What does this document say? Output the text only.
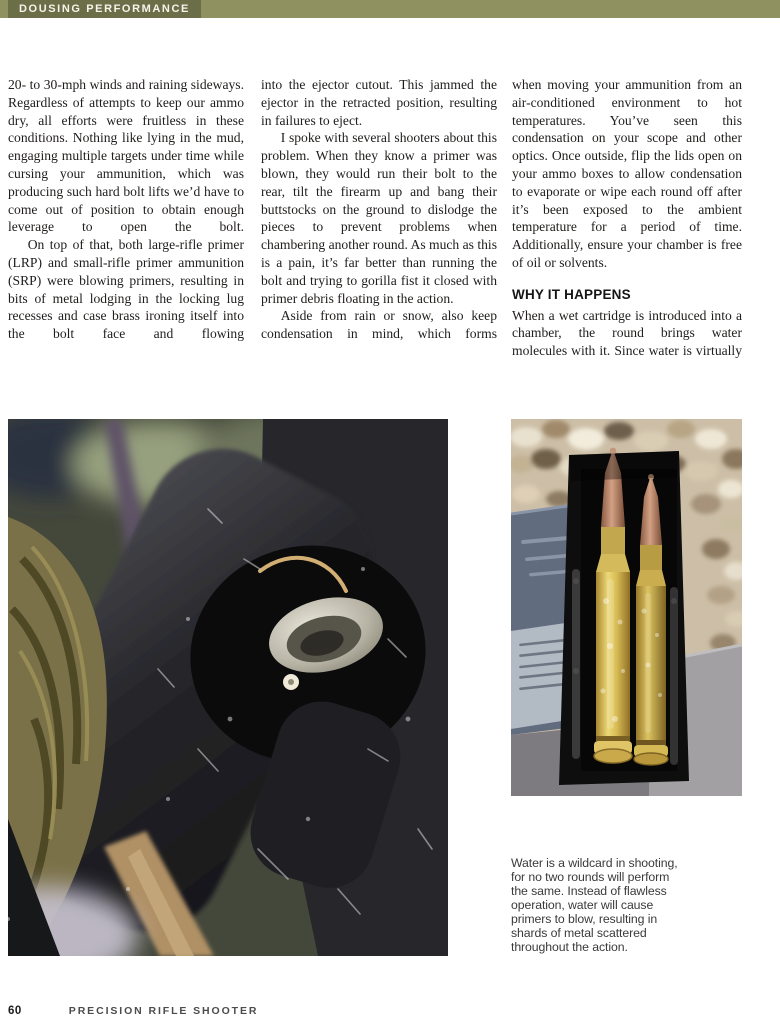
DOUSING PERFORMANCE

20- to 30-mph winds and raining sideways. Regardless of attempts to keep our ammo dry, all efforts were fruitless in these conditions. Nothing like lying in the mud, engaging multiple targets under time while cursing your ammunition, which was producing such hard bolt lifts we’d have to come out of position to obtain enough leverage to open the bolt.

On top of that, both large-rifle primer (LRP) and small-rifle primer ammunition (SRP) were blowing primers, resulting in bits of metal lodging in the locking lug recesses and case brass ironing itself into the bolt face and flowing

into the ejector cutout. This jammed the ejector in the retracted position, resulting in failures to eject.

I spoke with several shooters about this problem. When they know a primer was blown, they would run their bolt to the rear, tilt the firearm up and bang their buttstocks on the ground to dislodge the pieces to prevent problems when chambering another round. As much as this is a pain, it’s far better than running the bolt and trying to gorilla fist it closed with primer debris floating in the action.

Aside from rain or snow, also keep condensation in mind, which forms

when moving your ammunition from an air-conditioned environment to hot temperatures. You’ve seen this condensation on your scope and other optics. Once outside, flip the lids open on your ammo boxes to allow condensation to evaporate or wipe each round off after it’s been exposed to the ambient temperature for a period of time. Additionally, ensure your chamber is free of oil or solvents.

WHY IT HAPPENS

When a wet cartridge is introduced into a chamber, the round brings water molecules with it. Since water is virtually

Water is a wildcard in shooting, for no two rounds will perform the same. Instead of flawless operation, water will cause primers to blow, resulting in shards of metal scattered throughout the action.

60	PRECISION RIFLE SHOOTER
